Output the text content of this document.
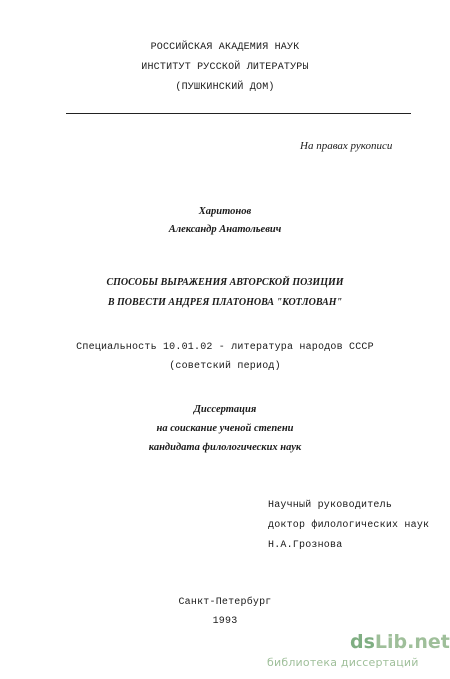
РОССИЙСКАЯ АКАДЕМИЯ НАУК
ИНСТИТУТ РУССКОЙ ЛИТЕРАТУРЫ
(ПУШКИНСКИЙ ДОМ)
На правах рукописи
Харитонов
Александр Анатольевич
СПОСОБЫ ВЫРАЖЕНИЯ АВТОРСКОЙ ПОЗИЦИИ
В ПОВЕСТИ АНДРЕЯ ПЛАТОНОВА "КОТЛОВАН"
Специальность 10.01.02 - литература народов СССР
(советский период)
Диссертация
на соискание ученой степени
кандидата филологических наук
Научный руководитель
доктор филологических наук
Н.А.Грознова
Санкт-Петербург
1993
dsLib.net
библиотека диссертаций
